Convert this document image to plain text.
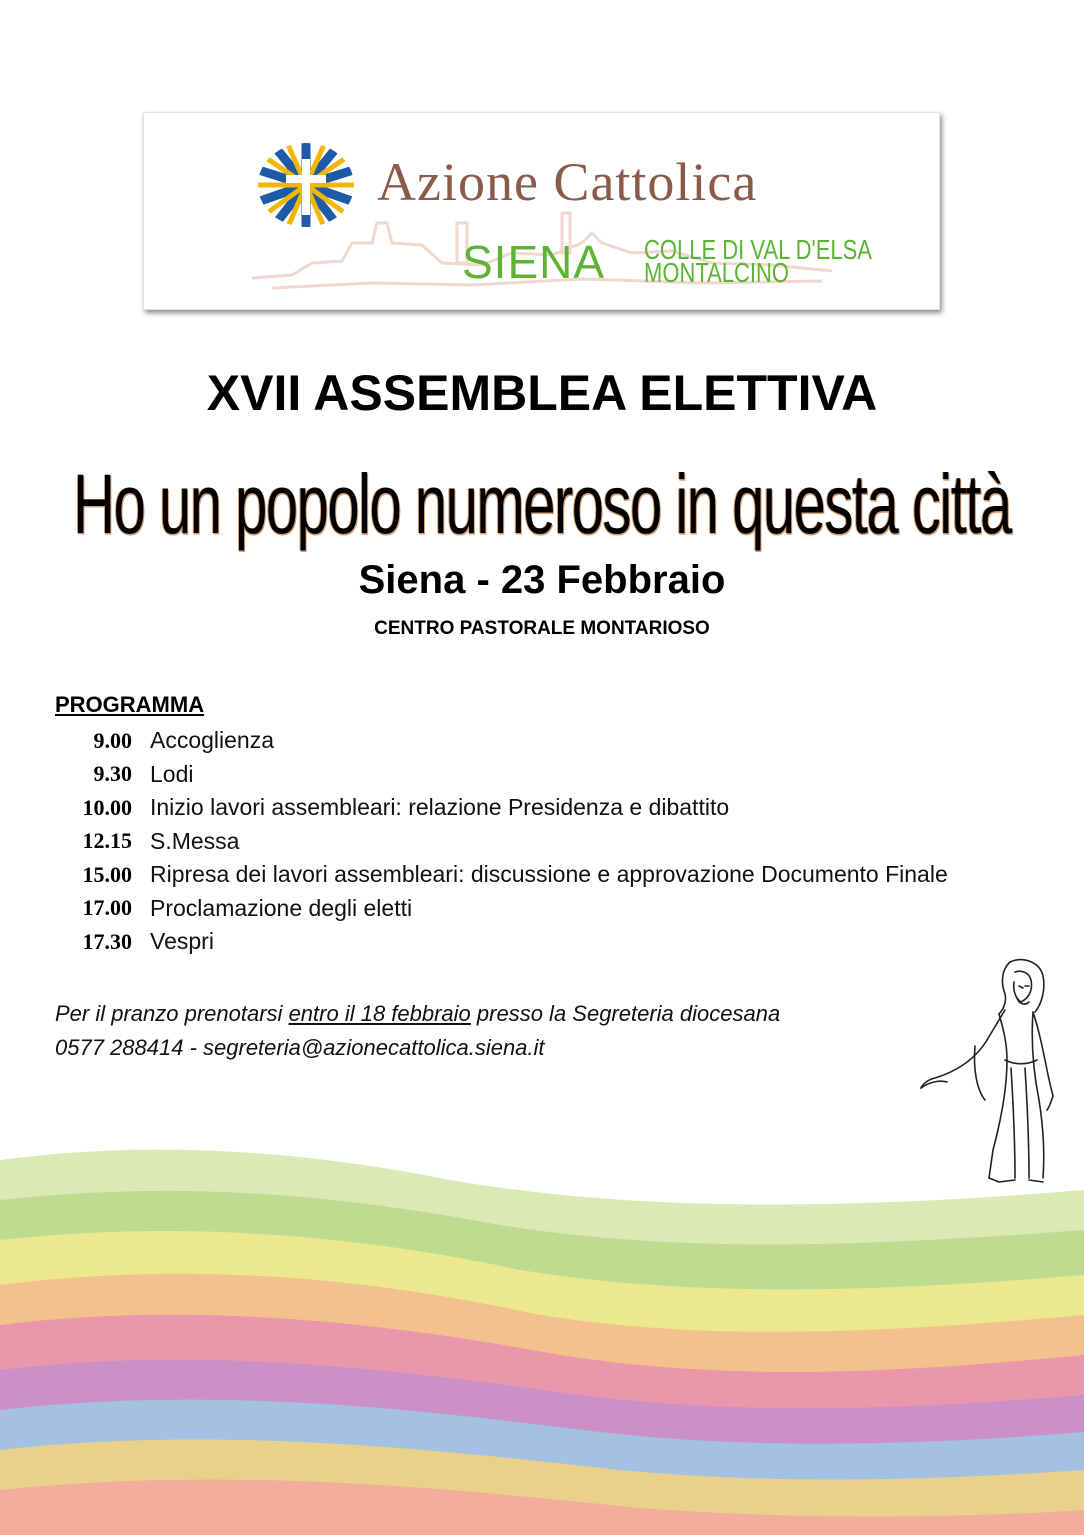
Azione Cattolica
SIENA COLLE DI VAL D'ELSA
MONTALCINO
XVII ASSEMBLEA ELETTIVA
Ho un popolo numeroso in questa città
Siena - 23 Febbraio
CENTRO PASTORALE MONTARIOSO
PROGRAMMA
9.00 Accoglienza
9.30 Lodi
10.00 Inizio lavori assembleari: relazione Presidenza e dibattito
12.15 S.Messa
15.00 Ripresa dei lavori assembleari: discussione e approvazione Documento Finale
17.00 Proclamazione degli eletti
17.30 Vespri
Per il pranzo prenotarsi entro il 18 febbraio presso la Segreteria diocesana
0577 288414 - segreteria@azionecattolica.siena.it
